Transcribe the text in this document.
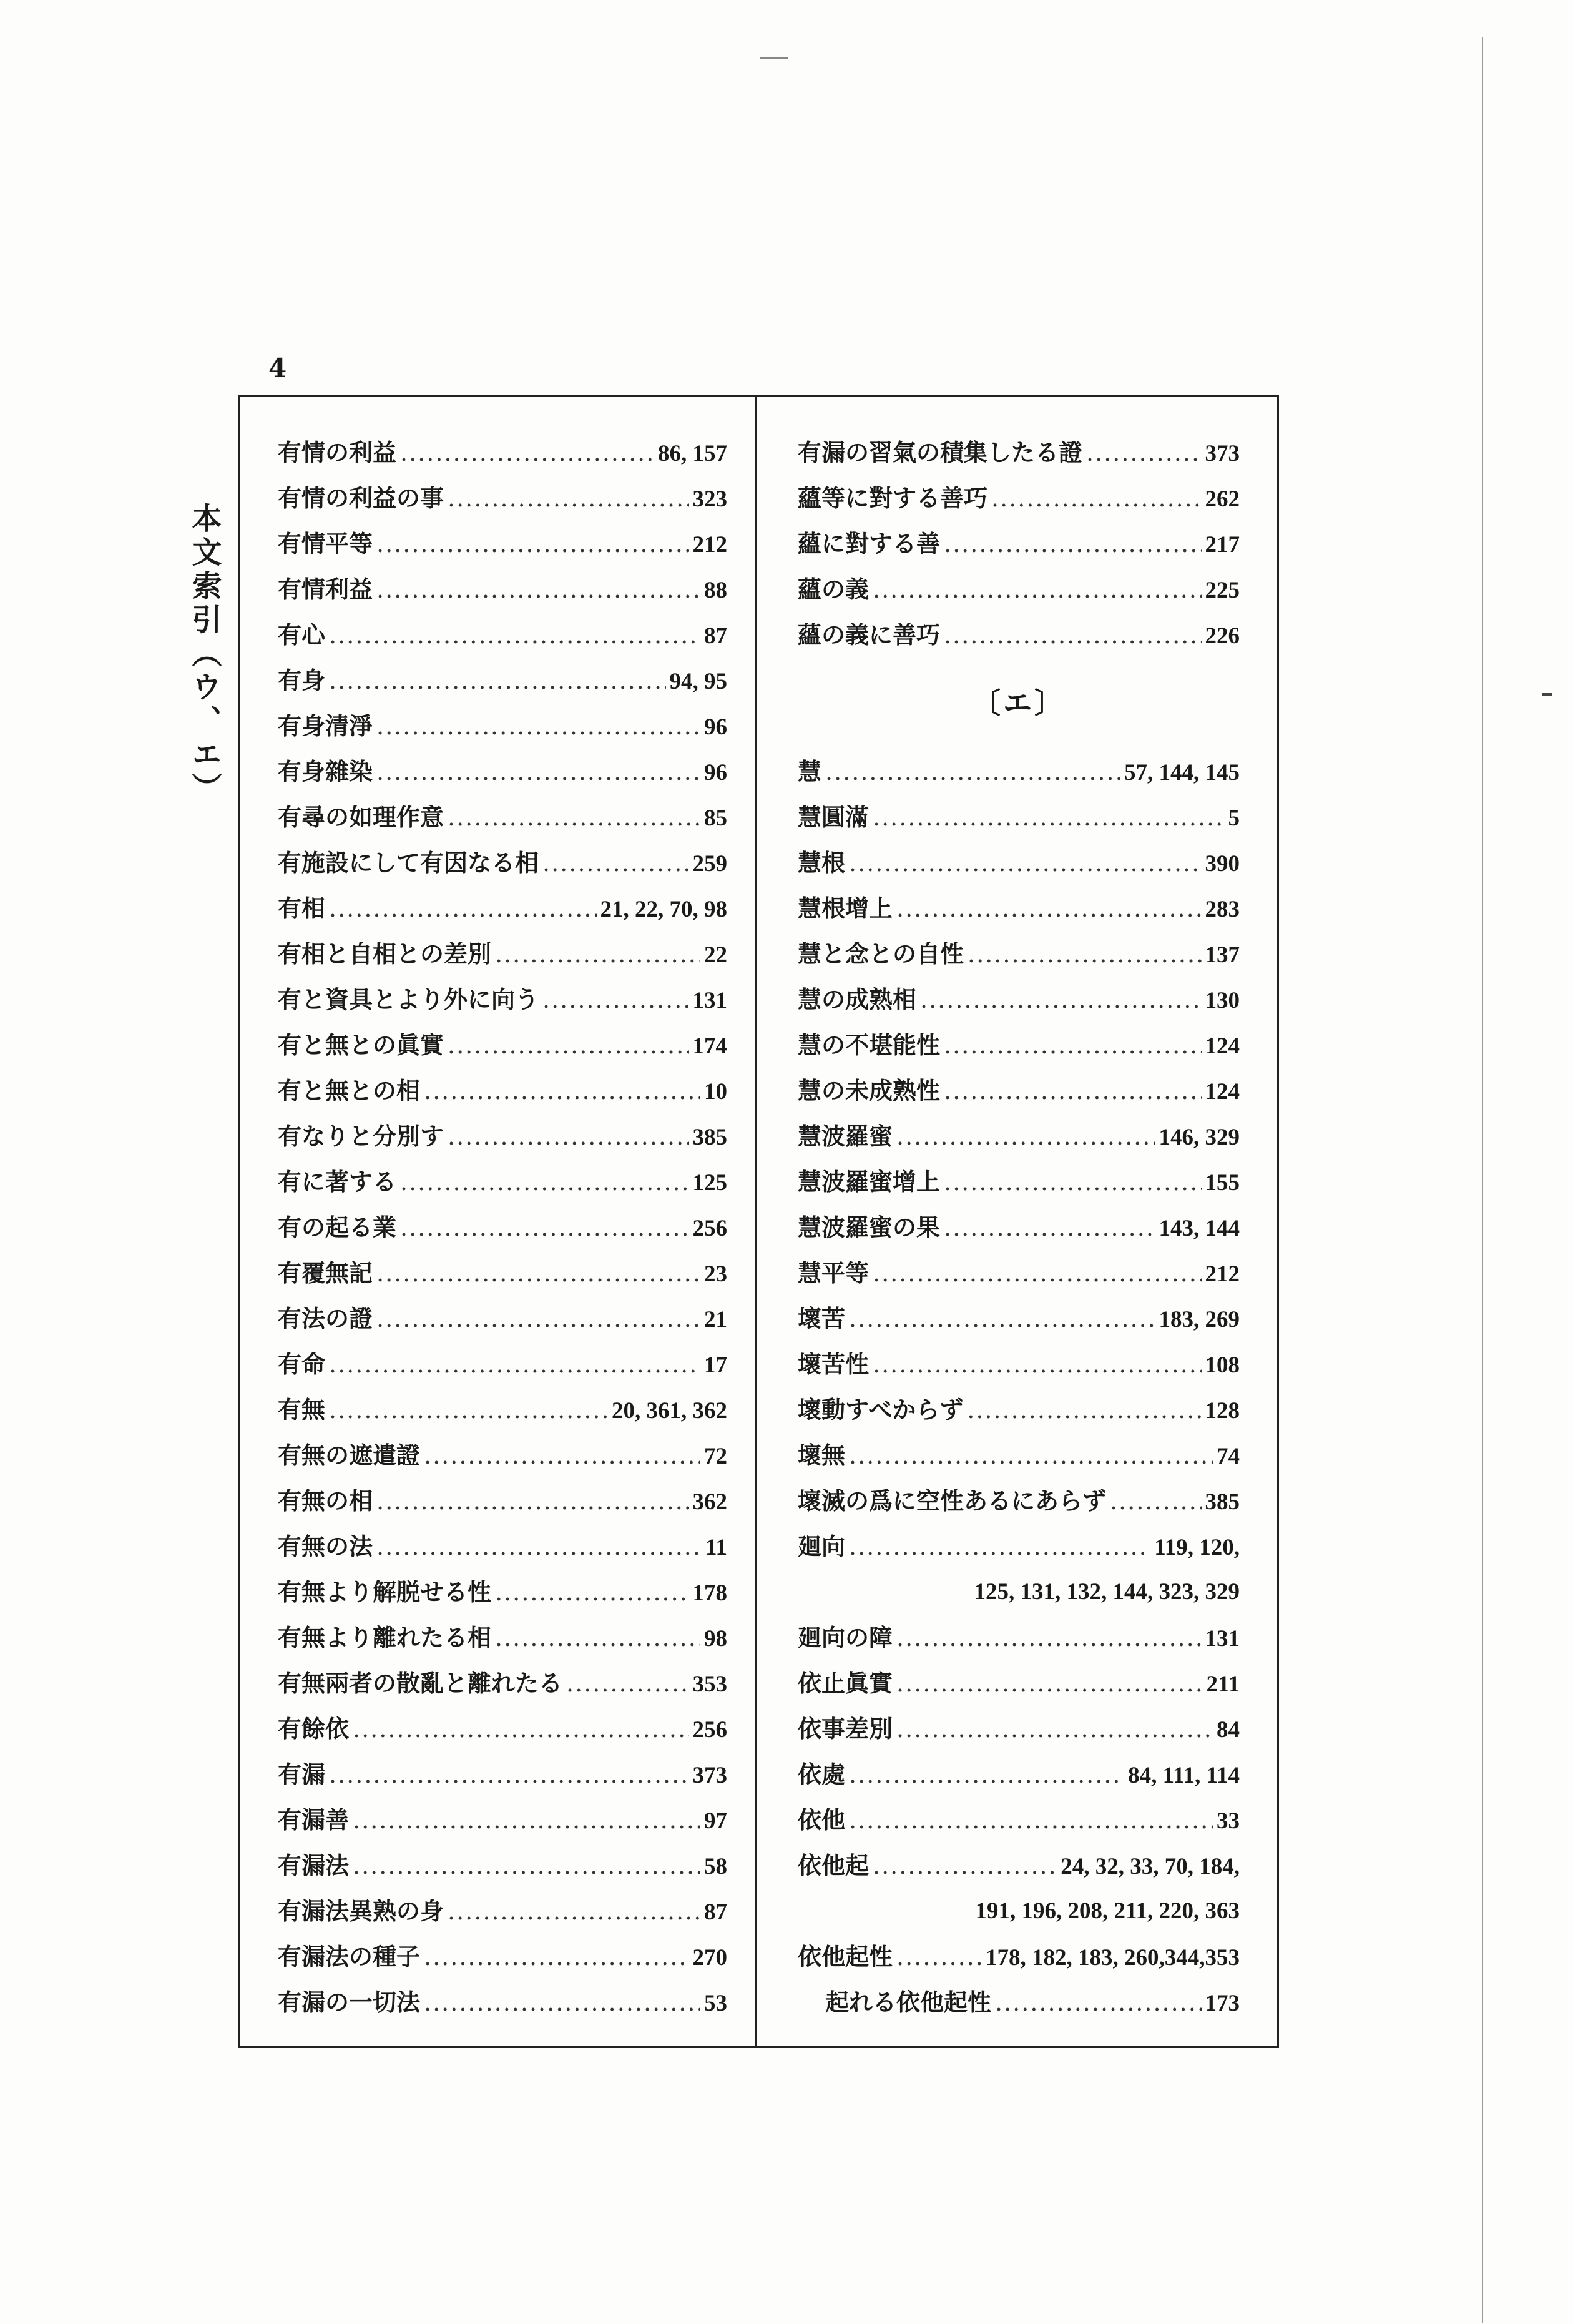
4
本文索引（ウ、エ）
有情の利益 .....	86, 157
有情の利益の事 .....	323
有情平等 .....	212
有情利益 .....	88
有心 .....	87
有身 .....	94, 95
有身清淨 .....	96
有身雜染 .....	96
有尋の如理作意 .....	85
有施設にして有因なる相 .....	259
有相 .....	21, 22, 70, 98
有相と自相との差別 .....	22
有と資具とより外に向う .....	131
有と無との眞實 .....	174
有と無との相 .....	10
有なりと分別す .....	385
有に著する .....	125
有の起る業 .....	256
有覆無記 .....	23
有法の證 .....	21
有命 .....	17
有無 .....	20, 361, 362
有無の遮遣證 .....	72
有無の相 .....	362
有無の法 .....	11
有無より解脱せる性 .....	178
有無より離れたる相 .....	98
有無兩者の散亂と離れたる .....	353
有餘依 .....	256
有漏 .....	373
有漏善 .....	97
有漏法 .....	58
有漏法異熟の身 .....	87
有漏法の種子 .....	270
有漏の一切法 .....	53
有漏の習氣の積集したる證 .....	373
蘊等に對する善巧 .....	262
蘊に對する善 .....	217
蘊の義 .....	225
蘊の義に善巧 .....	226
〔エ〕
慧 .....	57, 144, 145
慧圓滿 .....	5
慧根 .....	390
慧根增上 .....	283
慧と念との自性 .....	137
慧の成熟相 .....	130
慧の不堪能性 .....	124
慧の未成熟性 .....	124
慧波羅蜜 .....	146, 329
慧波羅蜜增上 .....	155
慧波羅蜜の果 .....	143, 144
慧平等 .....	212
壞苦 .....	183, 269
壞苦性 .....	108
壞動すべからず .....	128
壞無 .....	74
壞滅の爲に空性あるにあらず .....	385
廻向 .....	119, 120,
125, 131, 132, 144, 323, 329
廻向の障 .....	131
依止眞實 .....	211
依事差別 .....	84
依處 .....	84, 111, 114
依他 .....	33
依他起 .....	24, 32, 33, 70, 184,
191, 196, 208, 211, 220, 363
依他起性 .....	178, 182, 183, 260,344,353
起れる依他起性 .....	173
